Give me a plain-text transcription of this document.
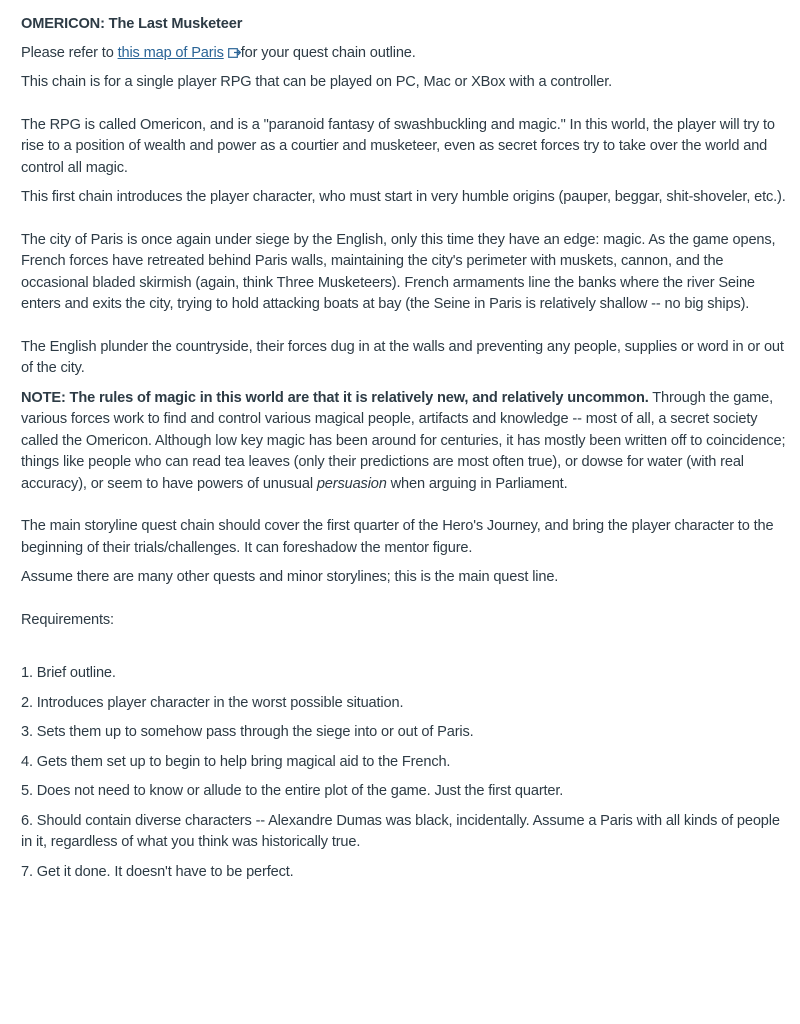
OMERICON: The Last Musketeer

Please refer to this map of Paris for your quest chain outline.

This chain is for a single player RPG that can be played on PC, Mac or XBox with a controller.

The RPG is called Omericon, and is a "paranoid fantasy of swashbuckling and magic." In this world, the player will try to rise to a position of wealth and power as a courtier and musketeer, even as secret forces try to take over the world and control all magic.

This first chain introduces the player character, who must start in very humble origins (pauper, beggar, shit-shoveler, etc.).

The city of Paris is once again under siege by the English, only this time they have an edge: magic. As the game opens, French forces have retreated behind Paris walls, maintaining the city's perimeter with muskets, cannon, and the occasional bladed skirmish (again, think Three Musketeers). French armaments line the banks where the river Seine enters and exits the city, trying to hold attacking boats at bay (the Seine in Paris is relatively shallow -- no big ships).

The English plunder the countryside, their forces dug in at the walls and preventing any people, supplies or word in or out of the city.

NOTE: The rules of magic in this world are that it is relatively new, and relatively uncommon. Through the game, various forces work to find and control various magical people, artifacts and knowledge -- most of all, a secret society called the Omericon. Although low key magic has been around for centuries, it has mostly been written off to coincidence; things like people who can read tea leaves (only their predictions are most often true), or dowse for water (with real accuracy), or seem to have powers of unusual persuasion when arguing in Parliament.

The main storyline quest chain should cover the first quarter of the Hero's Journey, and bring the player character to the beginning of their trials/challenges. It can foreshadow the mentor figure.

Assume there are many other quests and minor storylines; this is the main quest line.

Requirements:

1. Brief outline.

2. Introduces player character in the worst possible situation.

3. Sets them up to somehow pass through the siege into or out of Paris.

4. Gets them set up to begin to help bring magical aid to the French.

5. Does not need to know or allude to the entire plot of the game. Just the first quarter.

6. Should contain diverse characters -- Alexandre Dumas was black, incidentally. Assume a Paris with all kinds of people in it, regardless of what you think was historically true.

7. Get it done. It doesn't have to be perfect.
